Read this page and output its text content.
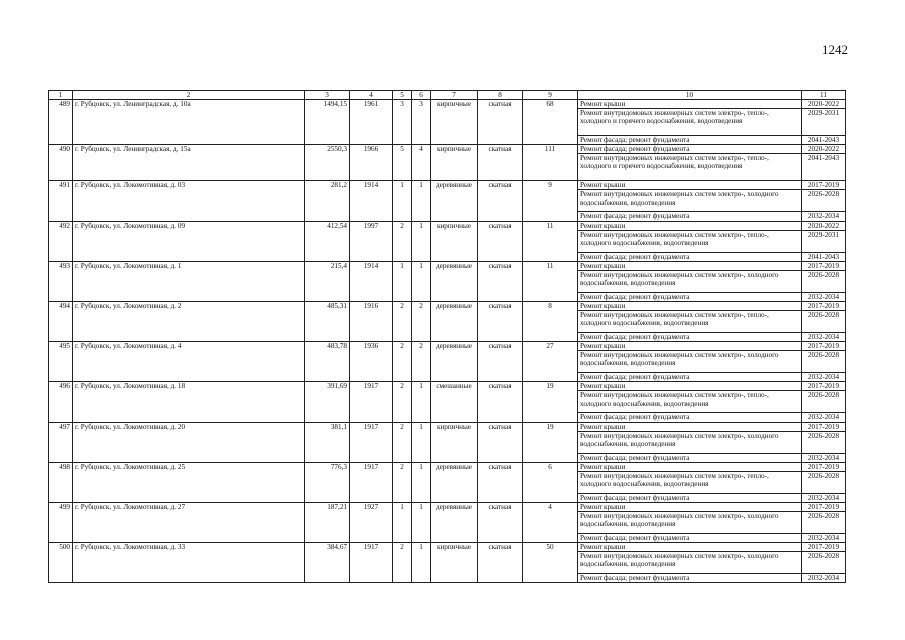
1242
1	2	3	4	5	6	7	8	9	10	11
489	г. Рубцовск, ул. Ленинградская, д. 10а	1494,15	1961	3	3	кирпичные	скатная	68	Ремонт крыши	2020-2022
									Ремонт внутридомовых инженерных систем электро-, тепло-, холодного и горячего водоснабжения, водоотведения	2029-2031
									Ремонт фасада; ремонт фундамента	2041-2043
490	г. Рубцовск, ул. Ленинградская, д. 15а	2550,3	1966	5	4	кирпичные	скатная	111	Ремонт фасада; ремонт фундамента	2020-2022
									Ремонт внутридомовых инженерных систем электро-, тепло-, холодного и горячего водоснабжения, водоотведения	2041-2043
491	г. Рубцовск, ул. Локомотивная, д. 03	281,2	1914	1	1	деревянные	скатная	9	Ремонт крыши	2017-2019
									Ремонт внутридомовых инженерных систем электро-, холодного водоснабжения, водоотведения	2026-2028
									Ремонт фасада; ремонт фундамента	2032-2034
492	г. Рубцовск, ул. Локомотивная, д. 09	412,54	1997	2	1	кирпичные	скатная	11	Ремонт крыши	2020-2022
									Ремонт внутридомовых инженерных систем электро-, тепло-, холодного водоснабжения, водоотведения	2029-2031
									Ремонт фасада; ремонт фундамента	2041-2043
493	г. Рубцовск, ул. Локомотивная, д. 1	215,4	1914	1	1	деревянные	скатная	11	Ремонт крыши	2017-2019
									Ремонт внутридомовых инженерных систем электро-, холодного водоснабжения, водоотведения	2026-2028
									Ремонт фасада; ремонт фундамента	2032-2034
494	г. Рубцовск, ул. Локомотивная, д. 2	485,31	1916	2	2	деревянные	скатная	8	Ремонт крыши	2017-2019
									Ремонт внутридомовых инженерных систем электро-, тепло-, холодного водоснабжения, водоотведения	2026-2028
									Ремонт фасада; ремонт фундамента	2032-2034
495	г. Рубцовск, ул. Локомотивная, д. 4	483,78	1936	2	2	деревянные	скатная	27	Ремонт крыши	2017-2019
									Ремонт внутридомовых инженерных систем электро-, холодного водоснабжения, водоотведения	2026-2028
									Ремонт фасада; ремонт фундамента	2032-2034
496	г. Рубцовск, ул. Локомотивная, д. 18	391,69	1917	2	1	смешанные	скатная	19	Ремонт крыши	2017-2019
									Ремонт внутридомовых инженерных систем электро-, тепло-, холодного водоснабжения, водоотведения	2026-2028
									Ремонт фасада; ремонт фундамента	2032-2034
497	г. Рубцовск, ул. Локомотивная, д. 20	381,1	1917	2	1	кирпичные	скатная	19	Ремонт крыши	2017-2019
									Ремонт внутридомовых инженерных систем электро-, холодного водоснабжения, водоотведения	2026-2028
									Ремонт фасада; ремонт фундамента	2032-2034
498	г. Рубцовск, ул. Локомотивная, д. 25	776,3	1917	2	1	деревянные	скатная	6	Ремонт крыши	2017-2019
									Ремонт внутридомовых инженерных систем электро-, тепло-, холодного водоснабжения, водоотведения	2026-2028
									Ремонт фасада; ремонт фундамента	2032-2034
499	г. Рубцовск, ул. Локомотивная, д. 27	187,21	1927	1	1	деревянные	скатная	4	Ремонт крыши	2017-2019
									Ремонт внутридомовых инженерных систем электро-, холодного водоснабжения, водоотведения	2026-2028
									Ремонт фасада; ремонт фундамента	2032-2034
500	г. Рубцовск, ул. Локомотивная, д. 33	384,67	1917	2	1	кирпичные	скатная	50	Ремонт крыши	2017-2019
									Ремонт внутридомовых инженерных систем электро-, холодного водоснабжения, водоотведения	2026-2028
									Ремонт фасада; ремонт фундамента	2032-2034
